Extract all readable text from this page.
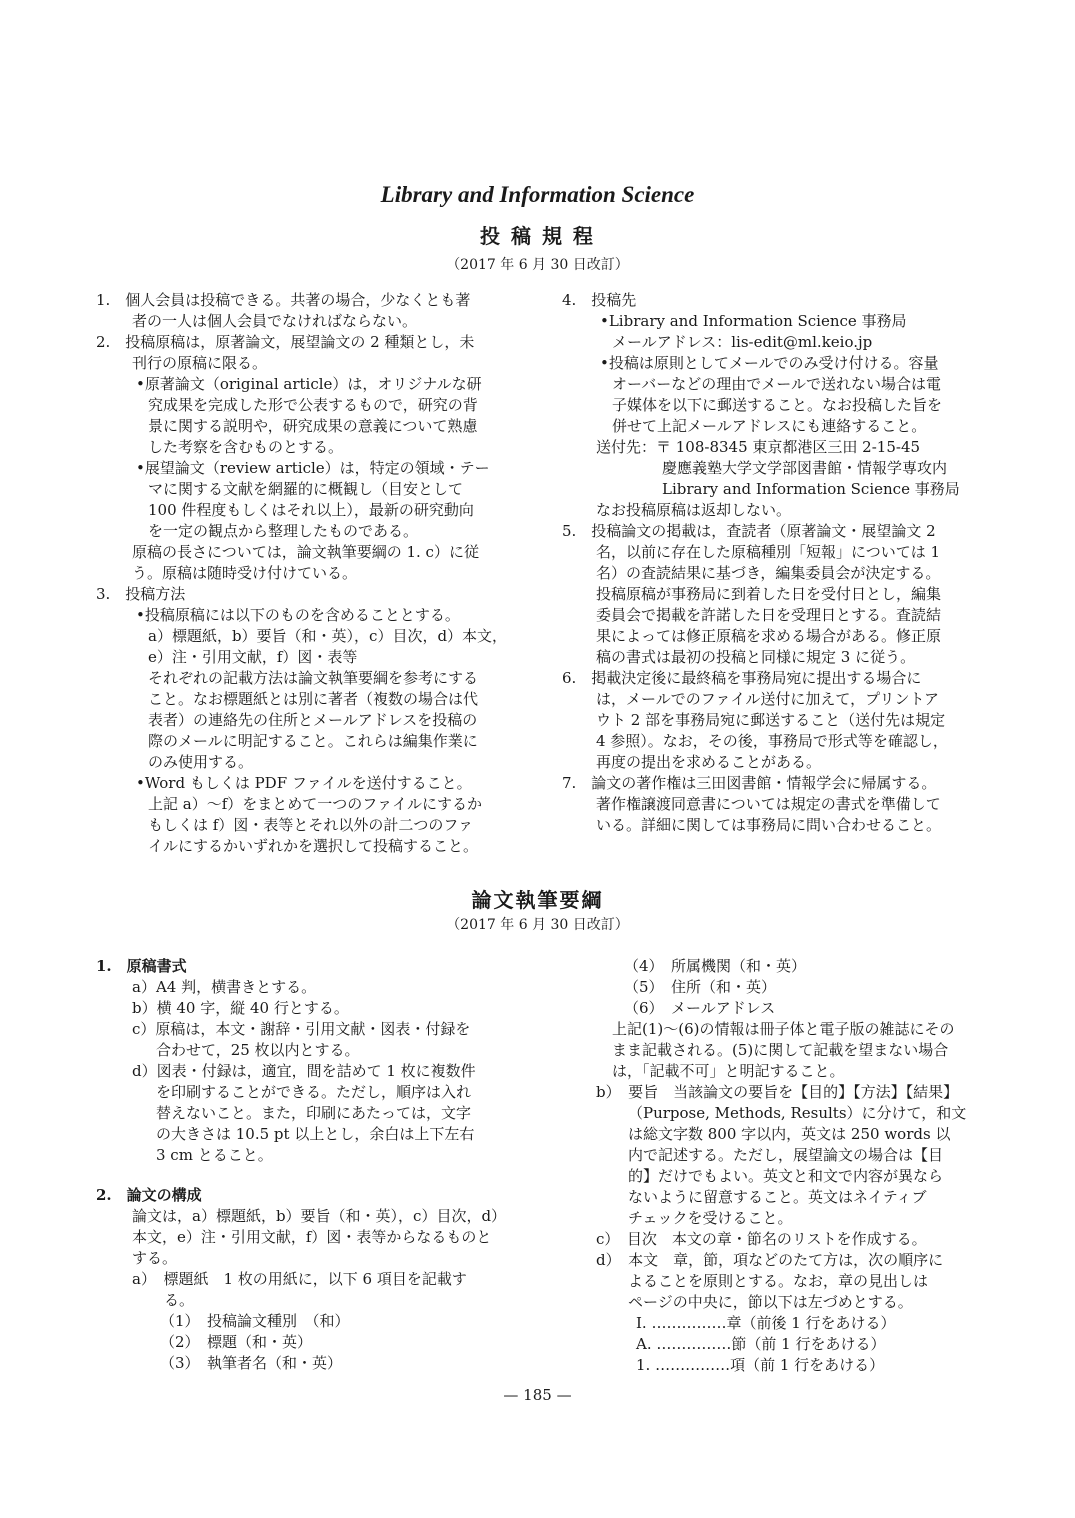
Library and Information Science
投 稿 規 程
（2017 年 6 月 30 日改訂）
1.　個人会員は投稿できる。共著の場合，少なくとも著
者の一人は個人会員でなければならない。
2.　投稿原稿は，原著論文，展望論文の 2 種類とし，未
刊行の原稿に限る。
•原著論文（original article）は，オリジナルな研
究成果を完成した形で公表するもので，研究の背
景に関する説明や，研究成果の意義について熟慮
した考察を含むものとする。
•展望論文（review article）は，特定の領域・テー
マに関する文献を網羅的に概観し（目安として
100 件程度もしくはそれ以上），最新の研究動向
を一定の観点から整理したものである。
原稿の長さについては，論文執筆要綱の 1. c）に従
う。原稿は随時受け付けている。
3.　投稿方法
•投稿原稿には以下のものを含めることとする。
a）標題紙，b）要旨（和・英），c）目次，d）本文，
e）注・引用文献，f）図・表等
それぞれの記載方法は論文執筆要綱を参考にする
こと。なお標題紙とは別に著者（複数の場合は代
表者）の連絡先の住所とメールアドレスを投稿の
際のメールに明記すること。これらは編集作業に
のみ使用する。
•Word もしくは PDF ファイルを送付すること。
上記 a）〜f）をまとめて一つのファイルにするか
もしくは f）図・表等とそれ以外の計二つのファ
イルにするかいずれかを選択して投稿すること。
4.　投稿先
•Library and Information Science 事務局
メールアドレス：lis-edit@ml.keio.jp
•投稿は原則としてメールでのみ受け付ける。容量
オーバーなどの理由でメールで送れない場合は電
子媒体を以下に郵送すること。なお投稿した旨を
併せて上記メールアドレスにも連絡すること。
送付先：〒 108-8345 東京都港区三田 2-15-45
慶應義塾大学文学部図書館・情報学専攻内
Library and Information Science 事務局
なお投稿原稿は返却しない。
5.　投稿論文の掲載は，査読者（原著論文・展望論文 2
名，以前に存在した原稿種別「短報」については 1
名）の査読結果に基づき，編集委員会が決定する。
投稿原稿が事務局に到着した日を受付日とし，編集
委員会で掲載を許諾した日を受理日とする。査読結
果によっては修正原稿を求める場合がある。修正原
稿の書式は最初の投稿と同様に規定 3 に従う。
6.　掲載決定後に最終稿を事務局宛に提出する場合に
は，メールでのファイル送付に加えて，プリントア
ウト 2 部を事務局宛に郵送すること（送付先は規定
4 参照）。なお，その後，事務局で形式等を確認し，
再度の提出を求めることがある。
7.　論文の著作権は三田図書館・情報学会に帰属する。
著作権譲渡同意書については規定の書式を準備して
いる。詳細に関しては事務局に問い合わせること。
論文執筆要綱
（2017 年 6 月 30 日改訂）
1.　原稿書式
a）A4 判，横書きとする。
b）横 40 字，縦 40 行とする。
c）原稿は，本文・謝辞・引用文献・図表・付録を
合わせて，25 枚以内とする。
d）図表・付録は，適宜，間を詰めて 1 枚に複数件
を印刷することができる。ただし，順序は入れ
替えないこと。また，印刷にあたっては，文字
の大きさは 10.5 pt 以上とし，余白は上下左右
3 cm とること。
2.　論文の構成
論文は，a）標題紙，b）要旨（和・英），c）目次，d）
本文，e）注・引用文献，f）図・表等からなるものと
する。
a）　標題紙　1 枚の用紙に，以下 6 項目を記載す
る。
（1）　投稿論文種別　（和）
（2）　標題（和・英）
（3）　執筆者名（和・英）
（4）　所属機関（和・英）
（5）　住所（和・英）
（6）　メールアドレス
上記(1)〜(6)の情報は冊子体と電子版の雑誌にその
まま記載される。(5)に関して記載を望まない場合
は，「記載不可」と明記すること。
b）　要旨　当該論文の要旨を【目的】【方法】【結果】
（Purpose, Methods, Results）に分けて，和文
は総文字数 800 字以内，英文は 250 words 以
内で記述する。ただし，展望論文の場合は【目
的】だけでもよい。英文と和文で内容が異なら
ないように留意すること。英文はネイティブ
チェックを受けること。
c）　目次　本文の章・節名のリストを作成する。
d）　本文　章，節，項などのたて方は，次の順序に
よることを原則とする。なお，章の見出しは
ページの中央に，節以下は左づめとする。
I. ……………章（前後 1 行をあける）
A. ……………節（前 1 行をあける）
1. ……………項（前 1 行をあける）
— 185 —
